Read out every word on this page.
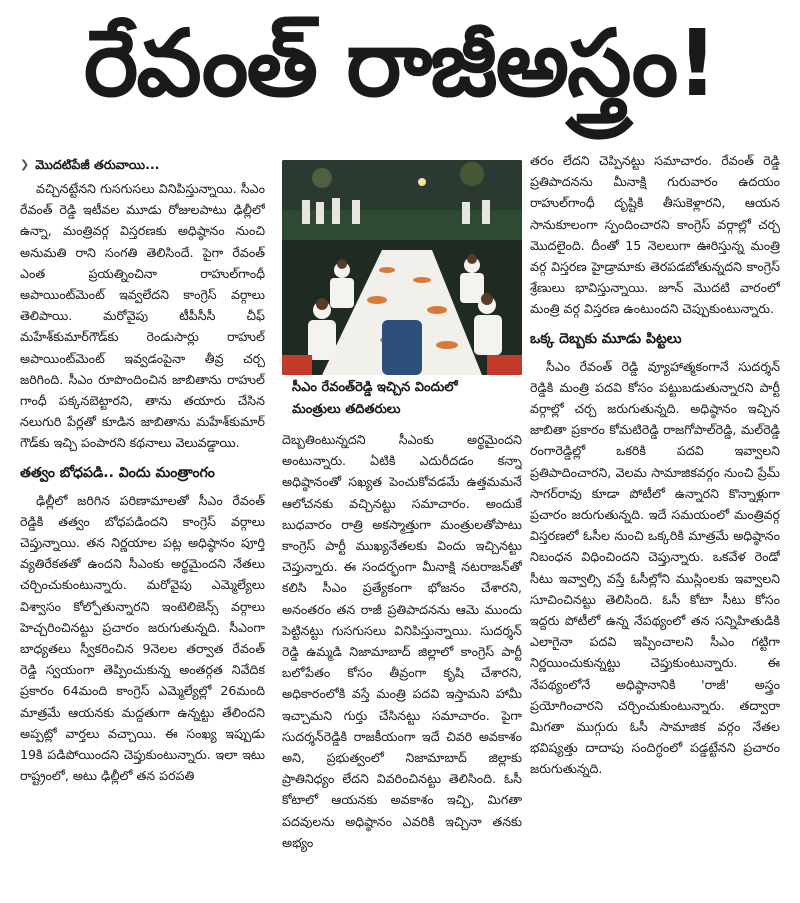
రేవంత్ రాజీఅస్త్రం!
❯ మొదటిపేజీ తరువాయి...

వచ్చినట్టేనని గుసగుసలు వినిపిస్తున్నాయి. సీఎం రేవంత్ రెడ్డి ఇటీవల మూడు రోజులపాటు ఢిల్లీలో ఉన్నా, మంత్రివర్గ విస్తరణకు అధిష్ఠానం నుంచి అనుమతి రాని సంగతి తెలిసిందే. పైగా రేవంత్ ఎంత ప్రయత్నించినా రాహుల్‌గాంధీ అపాయింట్‌మెంట్ ఇవ్వలేదని కాంగ్రెస్ వర్గాలు తెలిపాయి. మరోవైపు టీపీసీసీ చీఫ్ మహేశ్‌కుమార్‌గౌడ్‌కు రెండుసార్లు రాహుల్ అపాయింట్‌మెంట్ ఇవ్వడంపైనా తీవ్ర చర్చ జరిగింది. సీఎం రూపొందించిన జాబితాను రాహుల్ గాంధీ పక్కనబెట్టారని, తాను తయారు చేసిన నలుగురి పేర్లతో కూడిన జాబితాను మహేశ్‌కుమార్ గౌడ్‌కు ఇచ్చి పంపారని కథనాలు వెలువడ్డాయి.

తత్వం బోధపడి.. విందు మంత్రాంగం

ఢిల్లీలో జరిగిన పరిణామాలతో సీఎం రేవంత్ రెడ్డికి తత్వం బోధపడిందని కాంగ్రెస్ వర్గాలు చెప్తున్నాయి. తన నిర్ణయాల పట్ల అధిష్ఠానం పూర్తి వ్యతిరేకతతో ఉందని సీఎంకు అర్థమైందని నేతలు చర్చించుకుంటున్నారు. మరోవైపు ఎమ్మెల్యేలు విశ్వాసం కోల్పోతున్నారని ఇంటెలిజెన్స్ వర్గాలు హెచ్చరించినట్టు ప్రచారం జరుగుతున్నది. సీఎంగా బాధ్యతలు స్వీకరించిన 9నెలల తర్వాత రేవంత్ రెడ్డి స్వయంగా తెప్పించుకున్న అంతర్గత నివేదిక ప్రకారం 64మంది కాంగ్రెస్ ఎమ్మెల్యేల్లో 26మంది మాత్రమే ఆయనకు మద్దతుగా ఉన్నట్టు తేలిందని అప్పట్లో వార్తలు వచ్చాయి. ఈ సంఖ్య ఇప్పుడు 19కి పడిపోయిందని చెప్తుకుంటున్నారు. ఇలా ఇటు రాష్ట్రంలో, అటు ఢిల్లీలో తన పరపతి

సీఎం రేవంత్‌రెడ్డి ఇచ్చిన విందులో
మంత్రులు తదితరులు

దెబ్బతింటున్నదని సీఎంకు అర్థమైందని అంటున్నారు. ఏటికి ఎదురీదడం కన్నా అధిష్ఠానంతో సఖ్యత పెంచుకోవడమే ఉత్తమమనే ఆలోచనకు వచ్చినట్టు సమాచారం. అందుకే బుధవారం రాత్రి అకస్మాత్తుగా మంత్రులతోపాటు కాంగ్రెస్ పార్టీ ముఖ్యనేతలకు విందు ఇచ్చినట్టు చెప్తున్నారు. ఈ సందర్భంగా మీనాక్షి నటరాజన్‌తో కలిసి సీఎం ప్రత్యేకంగా భోజనం చేశారని, అనంతరం తన రాజీ ప్రతిపాదనను ఆమె ముందు పెట్టినట్టు గుసగుసలు వినిపిస్తున్నాయి. సుదర్శన్ రెడ్డి ఉమ్మడి నిజామాబాద్ జిల్లాలో కాంగ్రెస్ పార్టీ బలోపేతం కోసం తీవ్రంగా కృషి చేశారని, అధికారంలోకి వస్తే మంత్రి పదవి ఇస్తామని హామీ ఇచ్చామని గుర్తు చేసినట్టు సమాచారం. పైగా సుదర్శన్‌రెడ్డికి రాజకీయంగా ఇదే చివరి అవకాశం అని, ప్రభుత్వంలో నిజామాబాద్ జిల్లాకు ప్రాతినిధ్యం లేదని వివరించినట్టు తెలిసింది. ఓసీ కోటాలో ఆయనకు అవకాశం ఇచ్చి, మిగతా పదవులను అధిష్ఠానం ఎవరికి ఇచ్చినా తనకు అభ్యం

తరం లేదని చెప్పినట్టు సమాచారం. రేవంత్ రెడ్డి ప్రతిపాదనను మీనాక్షి గురువారం ఉదయం రాహుల్‌గాంధీ దృష్టికి తీసుకెళ్లారని, ఆయన సానుకూలంగా స్పందించారని కాంగ్రెస్ వర్గాల్లో చర్చ మొదలైంది. దీంతో 15 నెలలుగా ఊరిస్తున్న మంత్రి వర్గ విస్తరణ హైడ్రామాకు తెరపడబోతున్నదని కాంగ్రెస్ శ్రేణులు భావిస్తున్నాయి. జూన్ మొదటి వారంలో మంత్రి వర్గ విస్తరణ ఉంటుందని చెప్పుకుంటున్నారు.

ఒక్క దెబ్బకు మూడు పిట్టలు

సీఎం రేవంత్ రెడ్డి వ్యూహాత్మకంగానే సుదర్శన్ రెడ్డికి మంత్రి పదవి కోసం పట్టుబడుతున్నారని పార్టీ వర్గాల్లో చర్చ జరుగుతున్నది. అధిష్ఠానం ఇచ్చిన జాబితా ప్రకారం కోమటిరెడ్డి రాజగోపాల్‌రెడ్డి, మల్‌రెడ్డి రంగారెడ్డిల్లో ఒకరికి పదవి ఇవ్వాలని ప్రతిపాదించారని, వెలమ సామాజికవర్గం నుంచి ప్రేమ్ సాగర్‌రావు కూడా పోటీలో ఉన్నారని కొన్నాళ్లుగా ప్రచారం జరుగుతున్నది. ఇదే సమయంలో మంత్రివర్గ విస్తరణలో ఓసీల నుంచి ఒక్కరికి మాత్రమే అధిష్ఠానం నిబంధన విధించిందని చెప్తున్నారు. ఒకవేళ రెండో సీటు ఇవ్వాల్సి వస్తే ఓసీల్లోని ముస్లింలకు ఇవ్వాలని సూచించినట్టు తెలిసింది. ఓసీ కోటా సీటు కోసం ఇద్దరు పోటీలో ఉన్న నేపథ్యంలో తన సన్నిహితుడికి ఎలాగైనా పదవి ఇప్పించాలని సీఎం గట్టిగా నిర్ణయించుకున్నట్టు చెప్తుకుంటున్నారు. ఈ నేపథ్యంలోనే అధిష్ఠానానికి 'రాజీ' అస్త్రం ప్రయోగించారని చర్చించుకుంటున్నారు. తద్వారా మిగతా ముగ్గురు ఓసీ సామాజిక వర్గం నేతల భవిష్యత్తు దాదాపు సందిగ్ధంలో పడ్డట్టేనని ప్రచారం జరుగుతున్నది.
